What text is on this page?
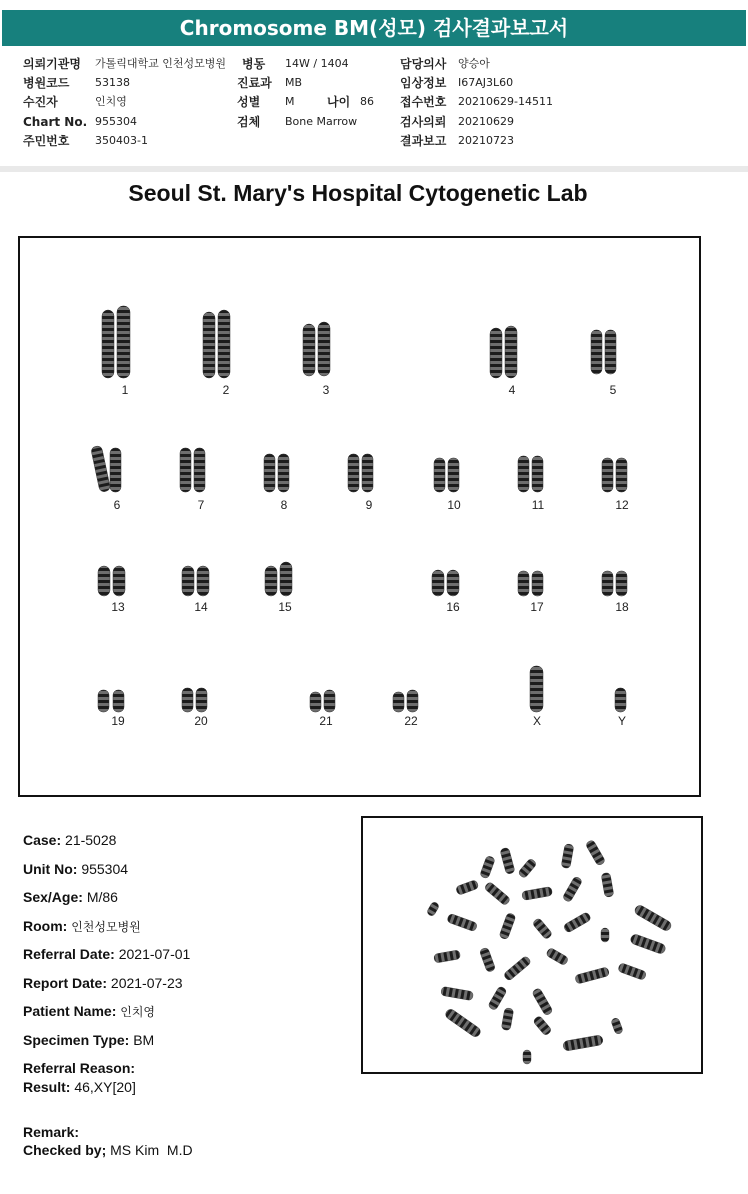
Chromosome BM(성모) 검사결과보고서
의뢰기관명 가톨릭대학교 인천성모병원 병동 14W / 1404	담당의사 양승아
병원코드 53138	진료과 MB	임상정보 I67AJ3L60
수진자	인치영	성별 M	나이 86 접수번호 20210629-14511
Chart No. 955304	검체 Bone Marrow	검사의뢰 20210629
주민번호 350403-1	결과보고 20210723
Seoul St. Mary's Hospital Cytogenetic Lab
1	2	3	4	5
6	7	8	9	10	11	12
13	14	15	16	17	18
19	20	21	22	X	Y
Case: 21-5028
Unit No: 955304
Sex/Age: M/86
Room: 인천성모병원
Referral Date: 2021-07-01
Report Date: 2021-07-23
Patient Name: 인치영
Specimen Type: BM
Referral Reason:
Result: 46,XY[20]
Remark:
Checked by; MS Kim  M.D
